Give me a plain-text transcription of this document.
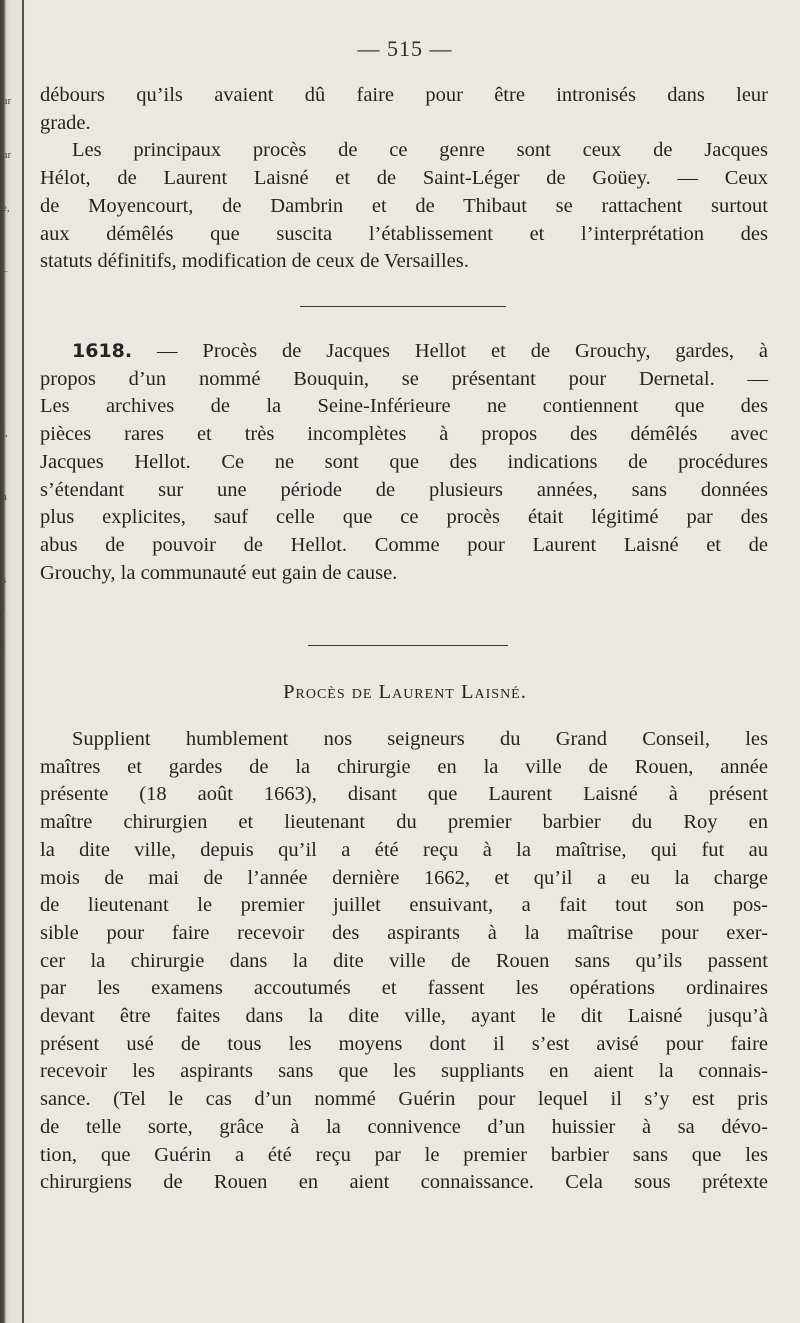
ur
ur
e,
_
i,
a
.
s
t
j
— 515 —
débours qu’ils avaient dû faire pour être intronisés dans leur
grade.
Les principaux procès de ce genre sont ceux de Jacques
Hélot, de Laurent Laisné et de Saint-Léger de Goüey. — Ceux
de Moyencourt, de Dambrin et de Thibaut se rattachent surtout
aux démêlés que suscita l’établissement et l’interprétation des
statuts définitifs, modification de ceux de Versailles.
1618. — Procès de Jacques Hellot et de Grouchy, gardes, à
propos d’un nommé Bouquin, se présentant pour Dernetal. —
Les archives de la Seine-Inférieure ne contiennent que des
pièces rares et très incomplètes à propos des démêlés avec
Jacques Hellot. Ce ne sont que des indications de procédures
s’étendant sur une période de plusieurs années, sans données
plus explicites, sauf celle que ce procès était légitimé par des
abus de pouvoir de Hellot. Comme pour Laurent Laisné et de
Grouchy, la communauté eut gain de cause.
Procès de Laurent Laisné.
Supplient humblement nos seigneurs du Grand Conseil, les
maîtres et gardes de la chirurgie en la ville de Rouen, année
présente (18 août 1663), disant que Laurent Laisné à présent
maître chirurgien et lieutenant du premier barbier du Roy en
la dite ville, depuis qu’il a été reçu à la maîtrise, qui fut au
mois de mai de l’année dernière 1662, et qu’il a eu la charge
de lieutenant le premier juillet ensuivant, a fait tout son pos-
sible pour faire recevoir des aspirants à la maîtrise pour exer-
cer la chirurgie dans la dite ville de Rouen sans qu’ils passent
par les examens accoutumés et fassent les opérations ordinaires
devant être faites dans la dite ville, ayant le dit Laisné jusqu’à
présent usé de tous les moyens dont il s’est avisé pour faire
recevoir les aspirants sans que les suppliants en aient la connais-
sance. (Tel le cas d’un nommé Guérin pour lequel il s’y est pris
de telle sorte, grâce à la connivence d’un huissier à sa dévo-
tion, que Guérin a été reçu par le premier barbier sans que les
chirurgiens de Rouen en aient connaissance. Cela sous prétexte
